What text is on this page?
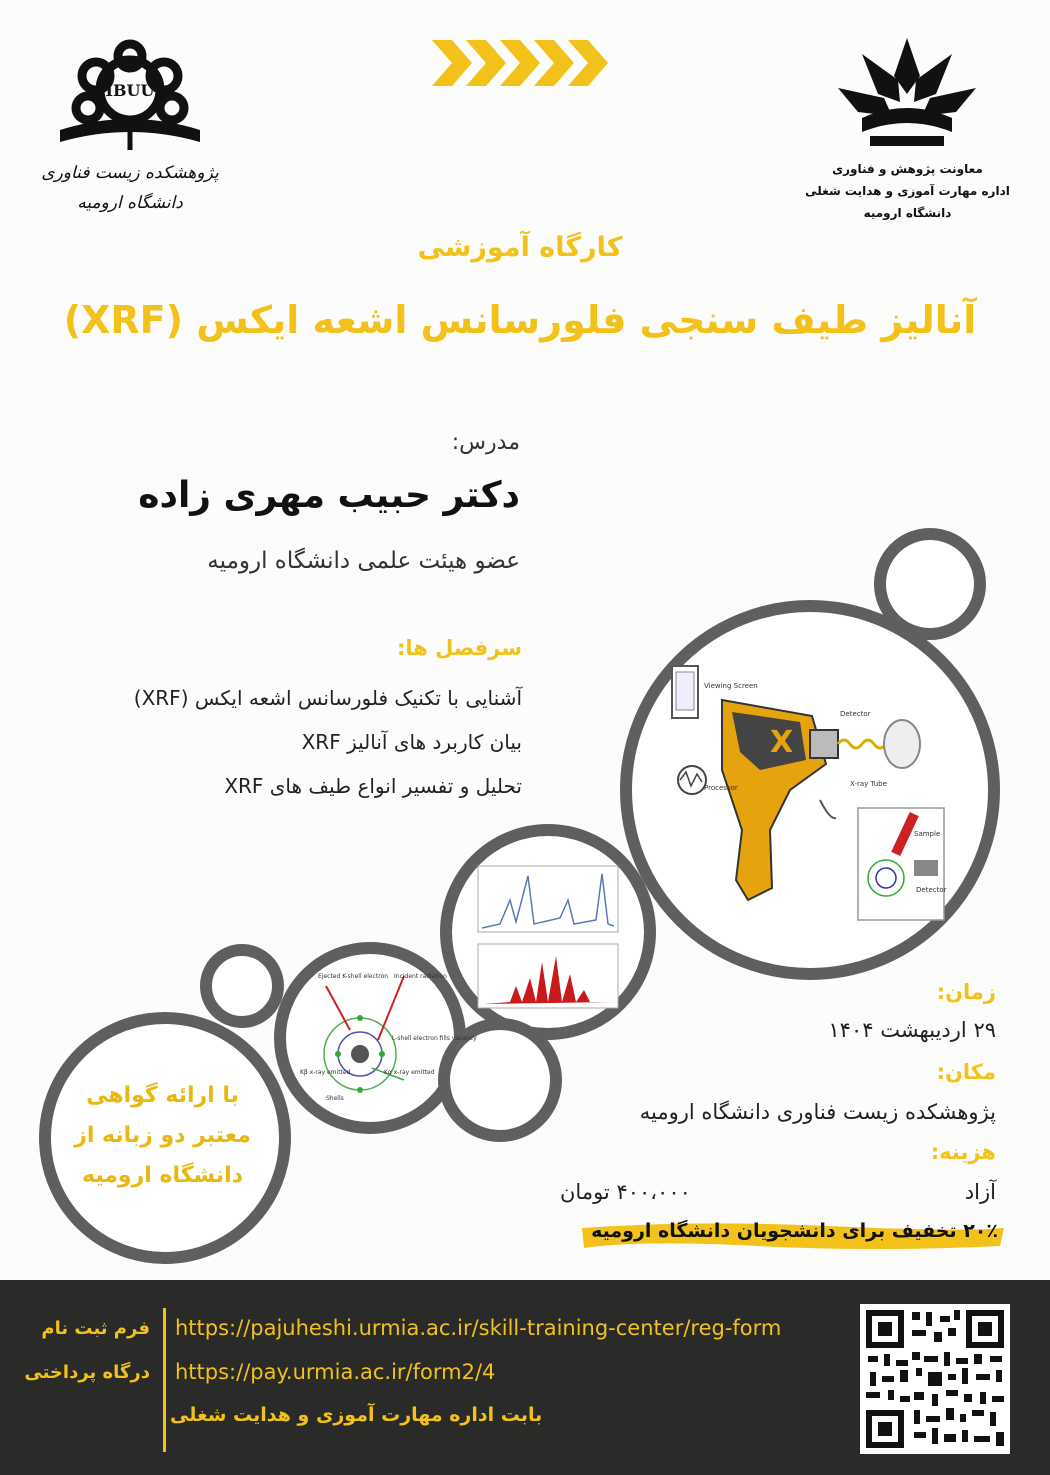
IBUU
پژوهشکده زیست فناوری
دانشگاه ارومیه
معاونت پژوهش و فناوری
اداره مهارت آموزی و هدایت شغلی
دانشگاه ارومیه
کارگاه آموزشی
آنالیز طیف سنجی فلورسانس اشعه ایکس (XRF)
مدرس:
دکتر حبیب مهری زاده
عضو هیئت علمی دانشگاه ارومیه
سرفصل ها:
آشنایی با تکنیک فلورسانس اشعه ایکس (XRF)
بیان کاربرد های آنالیز XRF
تحلیل و تفسیر انواع طیف های XRF
X
Viewing Screen
Detector
X-ray Tube
Processor
Sample
Detector
Ejected K-shell electron Incident radiation
L-shell electron fills vacancy
Kα x-ray emitted
Kβ x-ray emitted
Shells
با ارائه گواهی
معتبر دو زبانه از
دانشگاه ارومیه
زمان:
۲۹ اردیبهشت ۱۴۰۴
مکان:
پژوهشکده زیست فناوری دانشگاه ارومیه
هزینه:
آزاد
۴۰۰،۰۰۰ تومان
۲۰٪ تخفیف برای دانشجویان دانشگاه ارومیه
فرم ثبت نام
درگاه پرداختی
https://pajuheshi.urmia.ac.ir/skill-training-center/reg-form
https://pay.urmia.ac.ir/form2/4
بابت اداره مهارت آموزی و هدایت شغلی
